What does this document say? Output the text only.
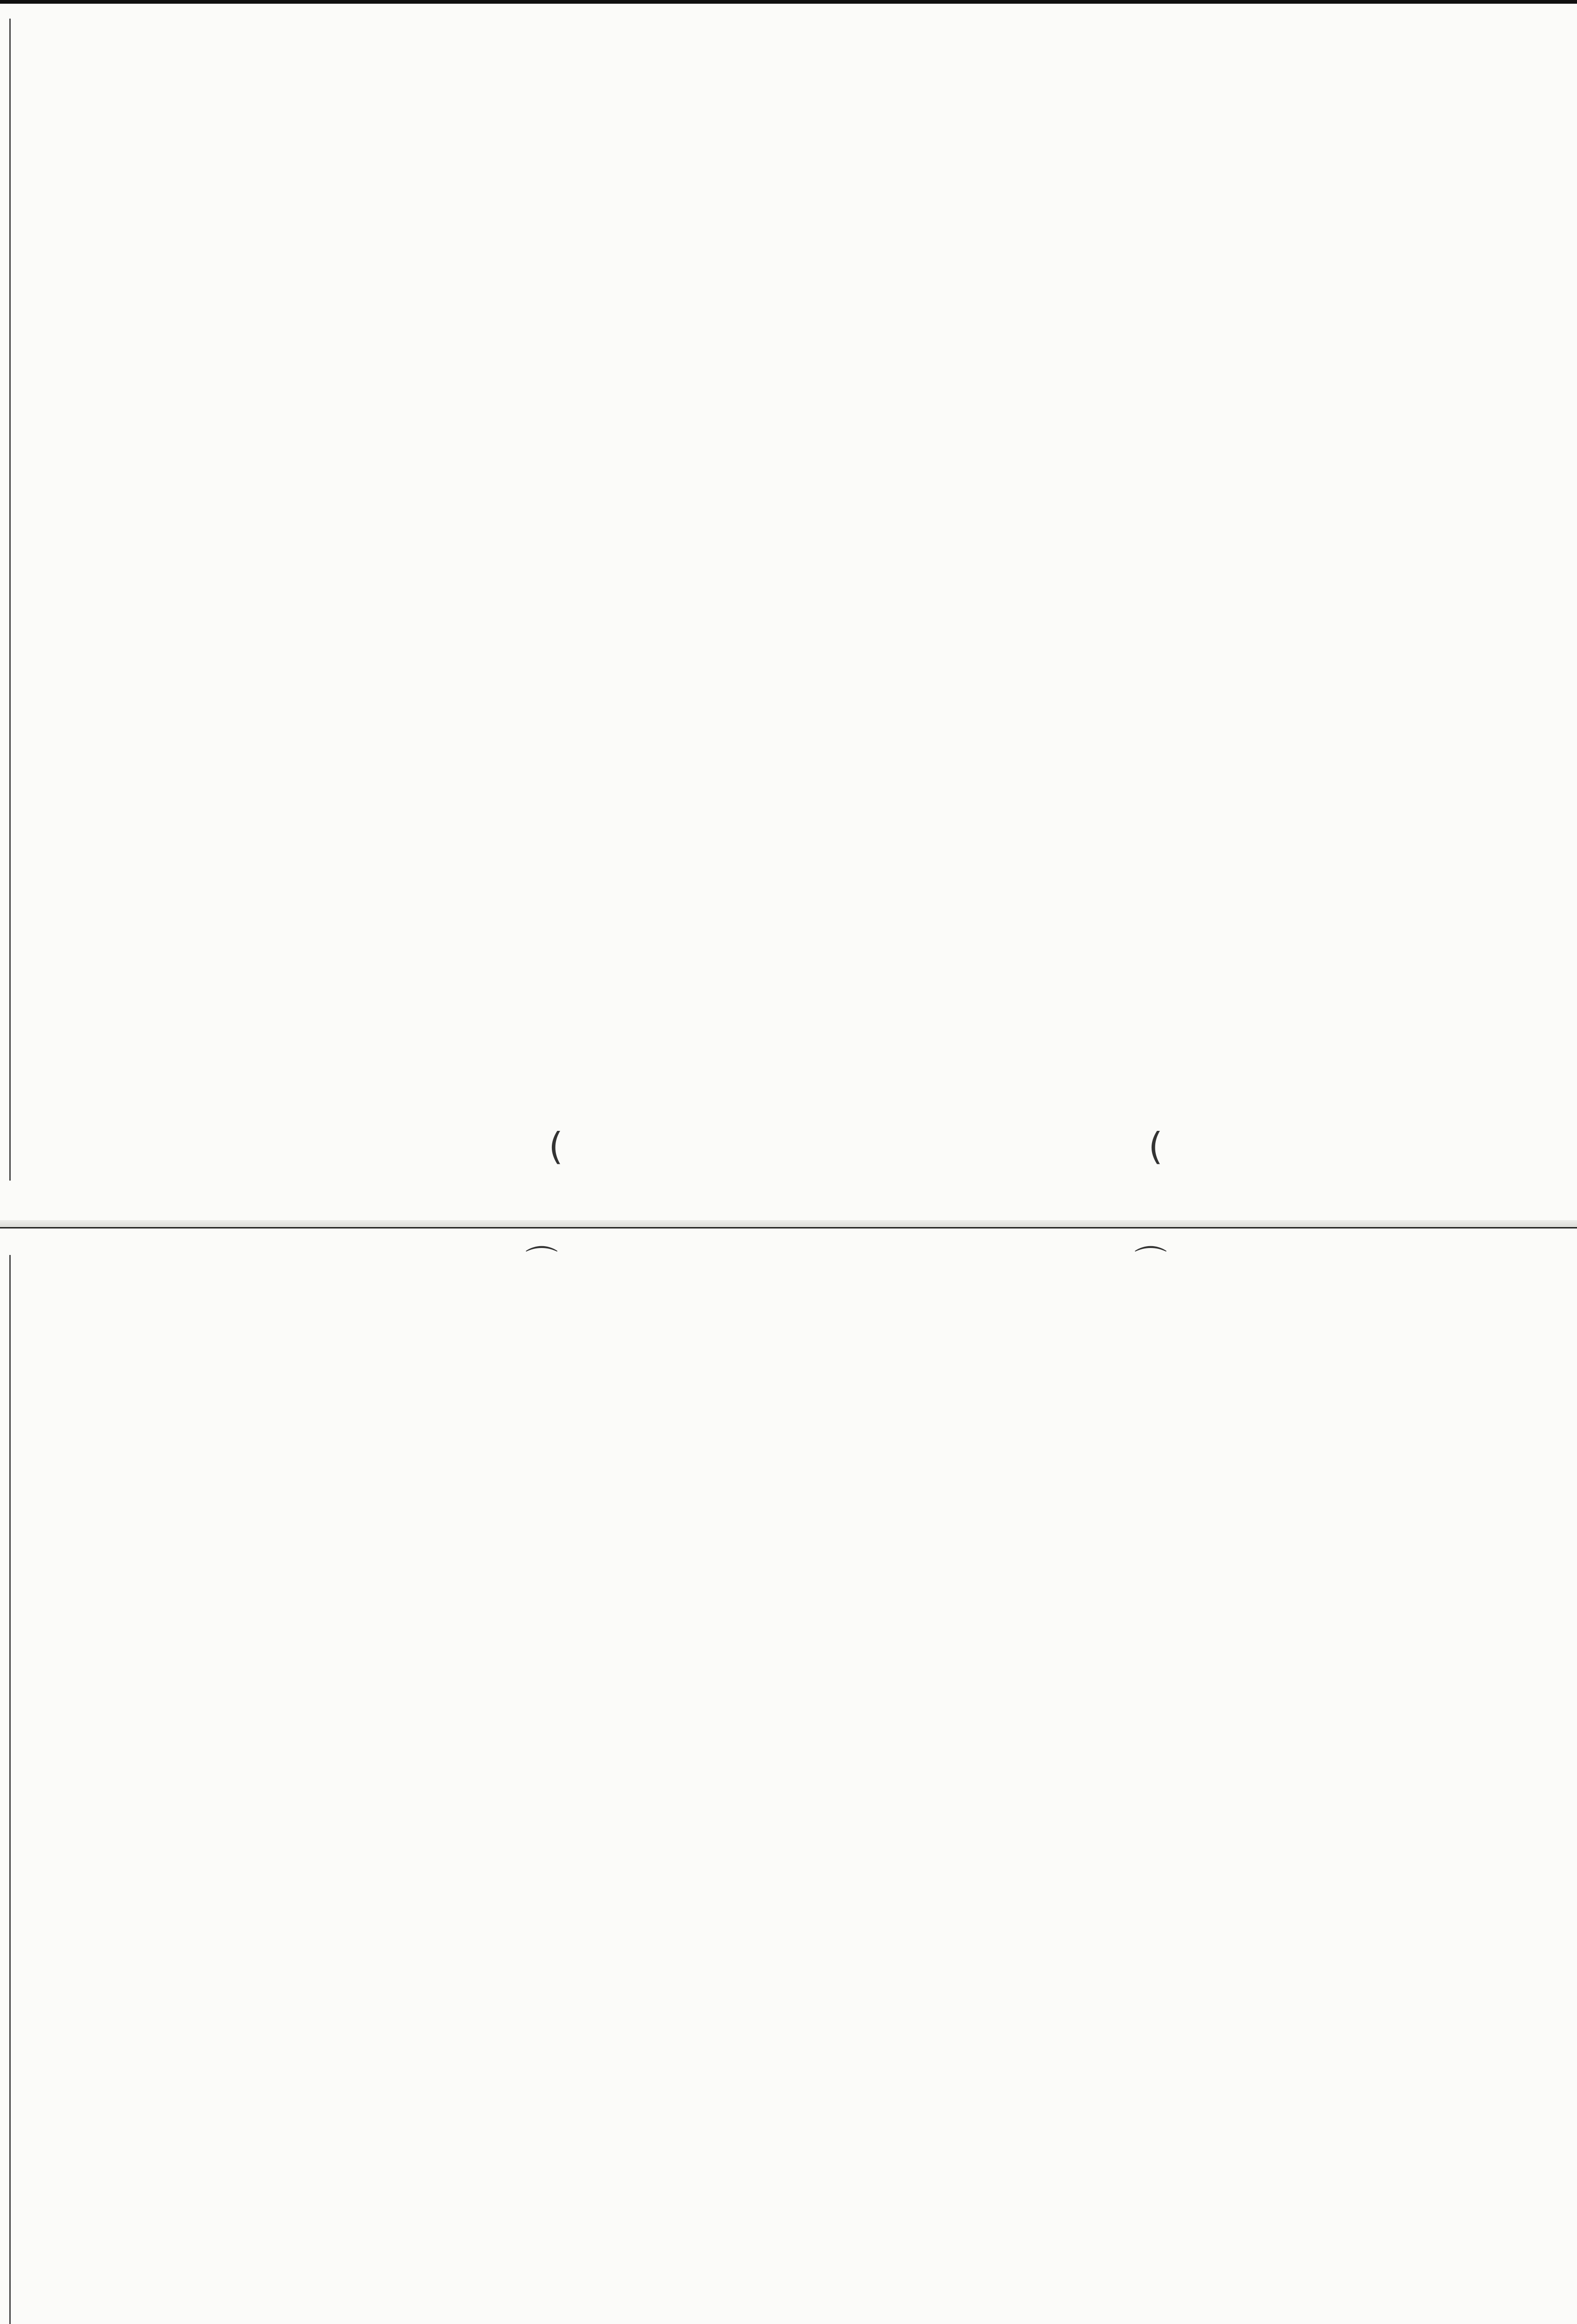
(	(
⌒	⌒
